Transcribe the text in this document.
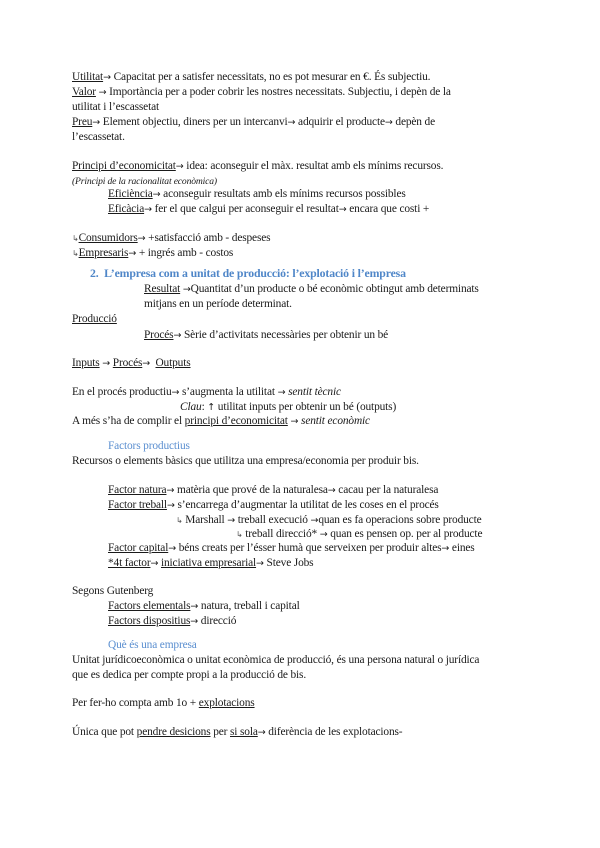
Utilitat→ Capacitat per a satisfer necessitats, no es pot mesurar en €. És subjectiu.
Valor → Importància per a poder cobrir les nostres necessitats. Subjectiu, i depèn de la
utilitat i l’escassetat
Preu→ Element objectiu, diners per un intercanvi→ adquirir el producte→ depèn de
l’escassetat.
Principi d’economicitat→ idea: aconseguir el màx. resultat amb els mínims recursos.
(Principi de la racionalitat econòmica)
Eficiència→ aconseguir resultats amb els mínims recursos possibles
Eficàcia→ fer el que calgui per aconseguir el resultat→ encara que costi +
↳Consumidors→ +satisfacció amb - despeses
↳Empresaris→ + ingrés amb - costos
2. L’empresa com a unitat de producció: l’explotació i l’empresa
Resultat →Quantitat d’un producte o bé econòmic obtingut amb determinats
mitjans en un període determinat.
Producció
Procés→ Sèrie d’activitats necessàries per obtenir un bé
Inputs → Procés→ Outputs
En el procés productiu→ s’augmenta la utilitat → sentit tècnic
Clau: ↑ utilitat inputs per obtenir un bé (outputs)
A més s’ha de complir el principi d’economicitat → sentit econòmic
Factors productius
Recursos o elements bàsics que utilitza una empresa/economia per produir bis.
Factor natura→ matèria que prové de la naturalesa→ cacau per la naturalesa
Factor treball→ s’encarrega d’augmentar la utilitat de les coses en el procés
↳ Marshall → treball execució →quan es fa operacions sobre producte
↳ treball direcció* → quan es pensen op. per al producte
Factor capital→ béns creats per l’ésser humà que serveixen per produir altes→ eines
*4t factor→ iniciativa empresarial→ Steve Jobs
Segons Gutenberg
Factors elementals→ natura, treball i capital
Factors dispositius→ direcció
Què és una empresa
Unitat jurídicoeconòmica o unitat econòmica de producció, és una persona natural o jurídica
que es dedica per compte propi a la producció de bis.
Per fer-ho compta amb 1o + explotacions
Única que pot pendre desicions per si sola→ diferència de les explotacions-
